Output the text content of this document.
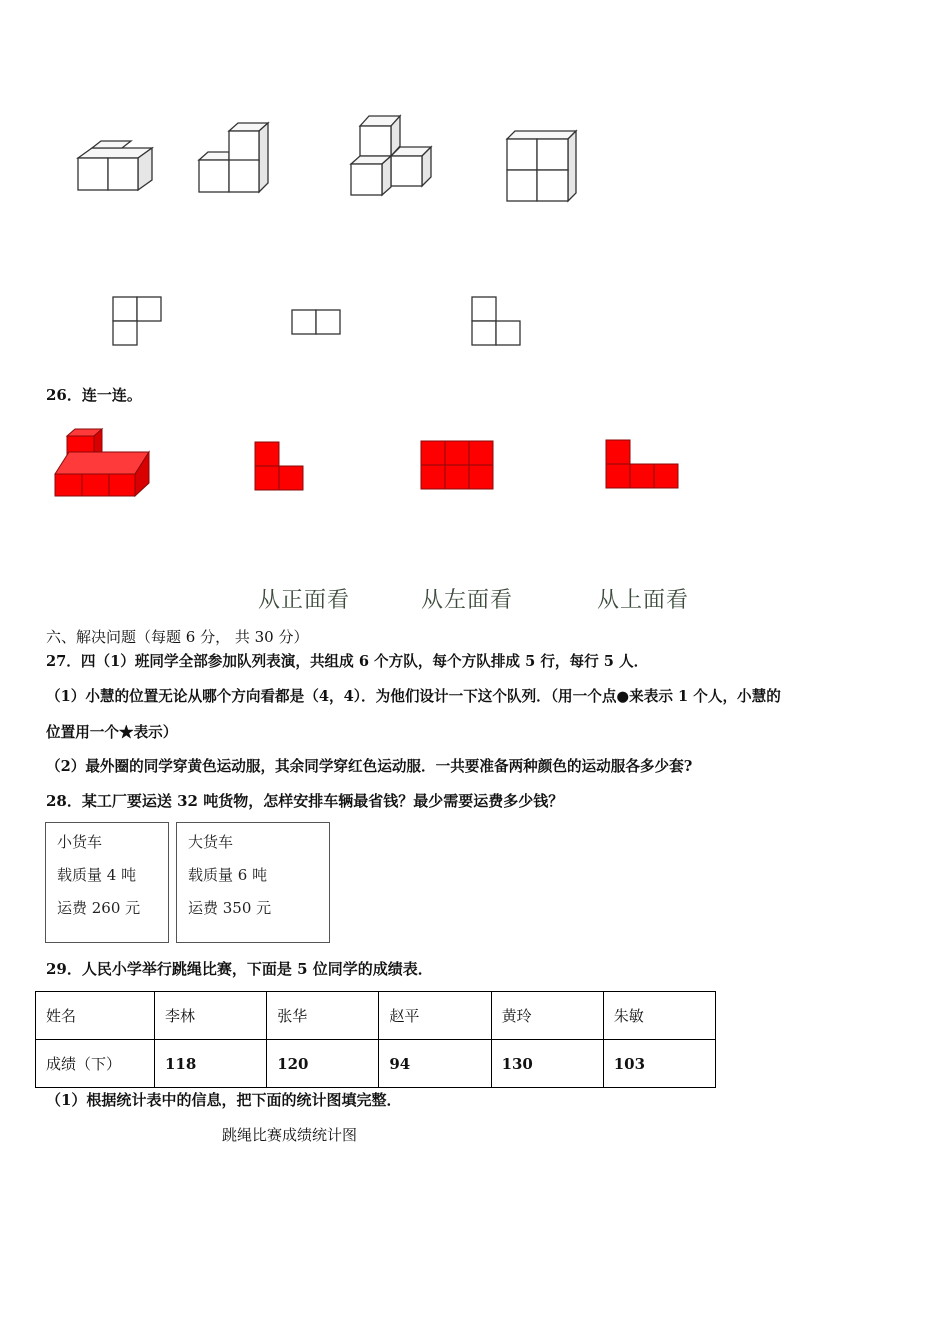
26．连一连。
从正面看	从左面看	从上面看
六、解决问题（每题 6 分， 共 30 分）
27．四（1）班同学全部参加队列表演，共组成 6 个方队，每个方队排成 5 行，每行 5 人．
（1）小慧的位置无论从哪个方向看都是（4，4）．为他们设计一下这个队列．（用一个点●来表示 1 个人，小慧的
位置用一个★表示）
（2）最外圈的同学穿黄色运动服，其余同学穿红色运动服．一共要准备两种颜色的运动服各多少套?
28．某工厂要运送 32 吨货物，怎样安排车辆最省钱？最少需要运费多少钱？
小货车
载质量 4 吨
运费 260 元
大货车
载质量 6 吨
运费 350 元
29．人民小学举行跳绳比赛，下面是 5 位同学的成绩表．
姓名	李林	张华	赵平	黄玲	朱敏
成绩（下）	118	120	94	130	103
（1）根据统计表中的信息，把下面的统计图填完整．
跳绳比赛成绩统计图
